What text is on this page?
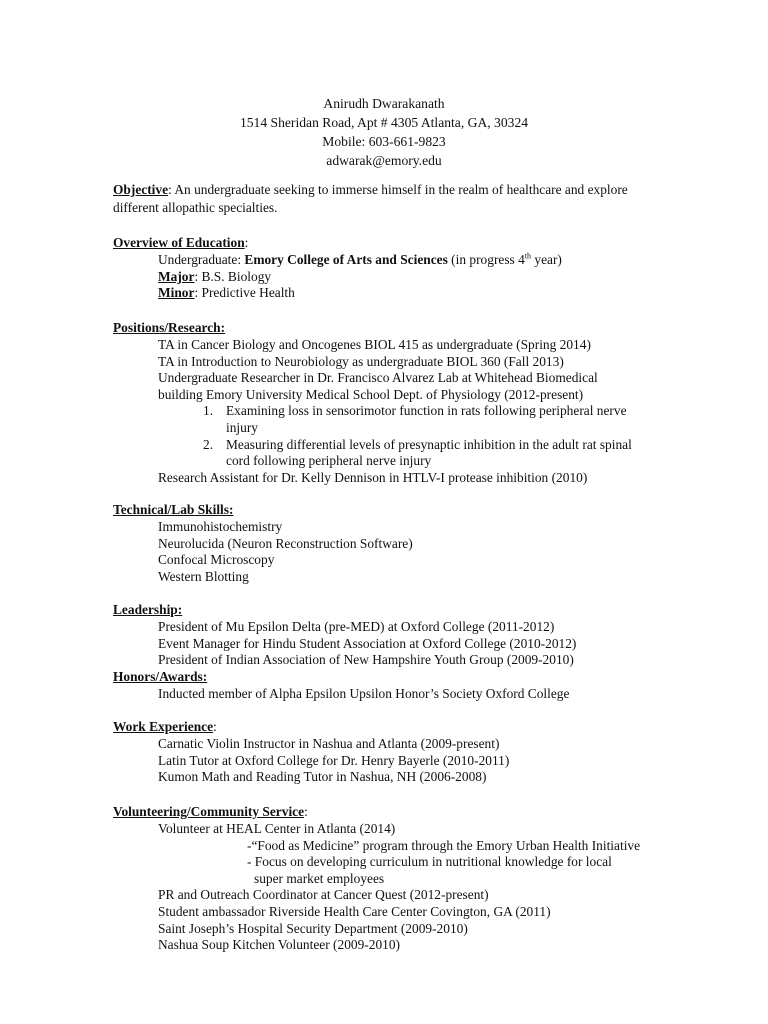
Anirudh Dwarakanath
1514 Sheridan Road, Apt # 4305 Atlanta, GA, 30324
Mobile: 603-661-9823
adwarak@emory.edu
Objective: An undergraduate seeking to immerse himself in the realm of healthcare and explore
different allopathic specialties.
Overview of Education:
Undergraduate: Emory College of Arts and Sciences (in progress 4th year)
Major: B.S. Biology
Minor: Predictive Health
Positions/Research:
TA in Cancer Biology and Oncogenes BIOL 415 as undergraduate (Spring 2014)
TA in Introduction to Neurobiology as undergraduate BIOL 360 (Fall 2013)
Undergraduate Researcher in Dr. Francisco Alvarez Lab at Whitehead Biomedical
building Emory University Medical School Dept. of Physiology (2012-present)
1. Examining loss in sensorimotor function in rats following peripheral nerve
injury
2. Measuring differential levels of presynaptic inhibition in the adult rat spinal
cord following peripheral nerve injury
Research Assistant for Dr. Kelly Dennison in HTLV-I protease inhibition (2010)
Technical/Lab Skills:
Immunohistochemistry
Neurolucida (Neuron Reconstruction Software)
Confocal Microscopy
Western Blotting
Leadership:
President of Mu Epsilon Delta (pre-MED) at Oxford College (2011-2012)
Event Manager for Hindu Student Association at Oxford College (2010-2012)
President of Indian Association of New Hampshire Youth Group (2009-2010)
Honors/Awards:
Inducted member of Alpha Epsilon Upsilon Honor’s Society Oxford College
Work Experience:
Carnatic Violin Instructor in Nashua and Atlanta (2009-present)
Latin Tutor at Oxford College for Dr. Henry Bayerle (2010-2011)
Kumon Math and Reading Tutor in Nashua, NH (2006-2008)
Volunteering/Community Service:
Volunteer at HEAL Center in Atlanta (2014)
-“Food as Medicine” program through the Emory Urban Health Initiative
- Focus on developing curriculum in nutritional knowledge for local
super market employees
PR and Outreach Coordinator at Cancer Quest (2012-present)
Student ambassador Riverside Health Care Center Covington, GA (2011)
Saint Joseph’s Hospital Security Department (2009-2010)
Nashua Soup Kitchen Volunteer (2009-2010)
